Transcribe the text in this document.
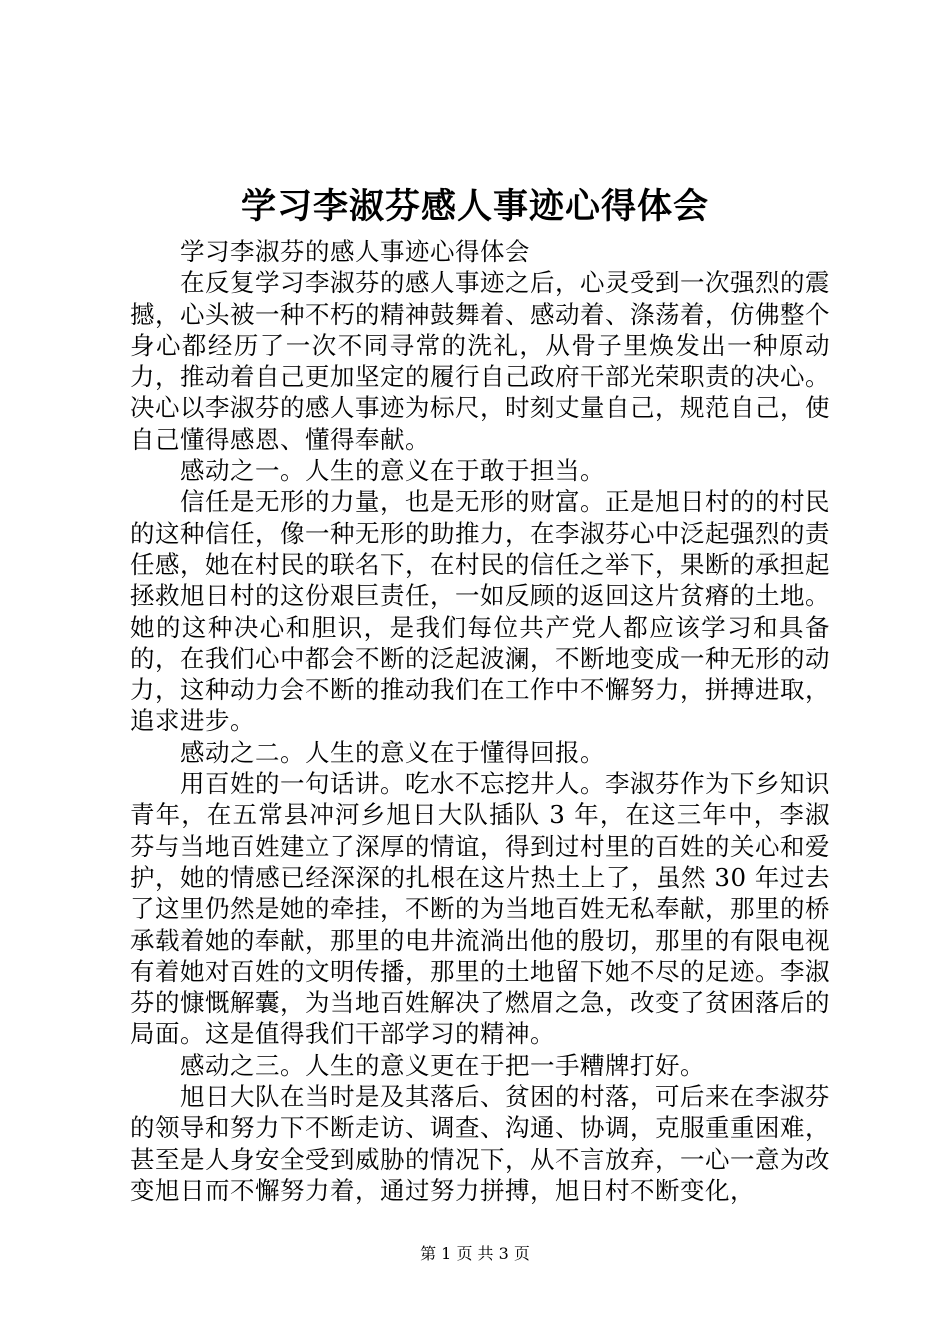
学习李淑芬感人事迹心得体会

学习李淑芬的感人事迹心得体会

在反复学习李淑芬的感人事迹之后，心灵受到一次强烈的震撼，心头被一种不朽的精神鼓舞着、感动着、涤荡着，仿佛整个身心都经历了一次不同寻常的洗礼，从骨子里焕发出一种原动力，推动着自己更加坚定的履行自己政府干部光荣职责的决心。决心以李淑芬的感人事迹为标尺，时刻丈量自己，规范自己，使自己懂得感恩、懂得奉献。

感动之一。人生的意义在于敢于担当。

信任是无形的力量，也是无形的财富。正是旭日村的的村民的这种信任，像一种无形的助推力，在李淑芬心中泛起强烈的责任感，她在村民的联名下，在村民的信任之举下，果断的承担起拯救旭日村的这份艰巨责任，一如反顾的返回这片贫瘠的土地。她的这种决心和胆识，是我们每位共产党人都应该学习和具备的，在我们心中都会不断的泛起波澜，不断地变成一种无形的动力，这种动力会不断的推动我们在工作中不懈努力，拼搏进取，追求进步。

感动之二。人生的意义在于懂得回报。

用百姓的一句话讲。吃水不忘挖井人。李淑芬作为下乡知识青年，在五常县冲河乡旭日大队插队 3 年，在这三年中，李淑芬与当地百姓建立了深厚的情谊，得到过村里的百姓的关心和爱护，她的情感已经深深的扎根在这片热土上了，虽然 30 年过去了这里仍然是她的牵挂，不断的为当地百姓无私奉献，那里的桥承载着她的奉献，那里的电井流淌出他的殷切，那里的有限电视有着她对百姓的文明传播，那里的土地留下她不尽的足迹。李淑芬的慷慨解囊，为当地百姓解决了燃眉之急，改变了贫困落后的局面。这是值得我们干部学习的精神。

感动之三。人生的意义更在于把一手糟牌打好。

旭日大队在当时是及其落后、贫困的村落，可后来在李淑芬的领导和努力下不断走访、调查、沟通、协调，克服重重困难，甚至是人身安全受到威胁的情况下，从不言放弃，一心一意为改变旭日而不懈努力着，通过努力拼搏，旭日村不断变化，

第 1 页 共 3 页
